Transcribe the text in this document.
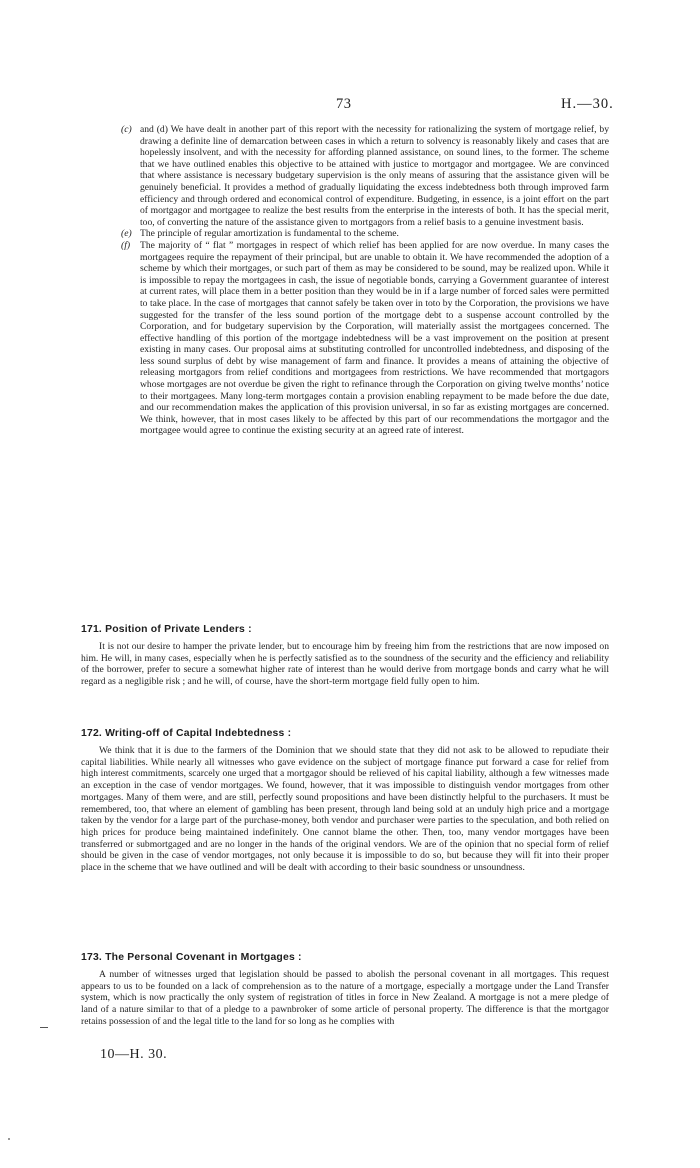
73	H.—30.
(c) and (d) We have dealt in another part of this report with the necessity for rationalizing the system of mortgage relief, by drawing a definite line of demarcation between cases in which a return to solvency is reasonably likely and cases that are hopelessly insolvent, and with the necessity for affording planned assistance, on sound lines, to the former. The scheme that we have outlined enables this objective to be attained with justice to mortgagor and mortgagee. We are convinced that where assistance is necessary budgetary supervision is the only means of assuring that the assistance given will be genuinely beneficial. It provides a method of gradually liquidating the excess indebtedness both through improved farm efficiency and through ordered and economical control of expenditure. Budgeting, in essence, is a joint effort on the part of mortgagor and mortgagee to realize the best results from the enterprise in the interests of both. It has the special merit, too, of converting the nature of the assistance given to mortgagors from a relief basis to a genuine investment basis.
(e) The principle of regular amortization is fundamental to the scheme.
(f)	The majority of “ flat ” mortgages in respect of which relief has been applied for are now overdue. In many cases the mortgagees require the repayment of their principal, but are unable to obtain it. We have recommended the adoption of a scheme by which their mortgages, or such part of them as may be considered to be sound, may be realized upon. While it is impossible to repay the mortgagees in cash, the issue of negotiable bonds, carrying a Government guarantee of interest at current rates, will place them in a better position than they would be in if a large number of forced sales were permitted to take place. In the case of mortgages that cannot safely be taken over in toto by the Corporation, the provisions we have suggested for the transfer of the less sound portion of the mortgage debt to a suspense account controlled by the Corporation, and for budgetary supervision by the Corporation, will materially assist the mortgagees concerned. The effective handling of this portion of the mortgage indebtedness will be a vast improvement on the position at present existing in many cases. Our proposal aims at substituting controlled for uncontrolled indebtedness, and disposing of the less sound surplus of debt by wise management of farm and finance. It provides a means of attaining the objective of releasing mortgagors from relief conditions and mortgagees from restrictions. We have recommended that mortgagors whose mortgages are not overdue be given the right to refinance through the Corporation on giving twelve months’ notice to their mortgagees. Many long-term mortgages contain a provision enabling repayment to be made before the due date, and our recommendation makes the application of this provision universal, in so far as existing mortgages are concerned. We think, however, that in most cases likely to be affected by this part of our recommendations the mortgagor and the mortgagee would agree to continue the existing security at an agreed rate of interest.
171. Position of Private Lenders :

It is not our desire to hamper the private lender, but to encourage him by freeing him from the restrictions that are now imposed on him. He will, in many cases, especially when he is perfectly satisfied as to the soundness of the security and the efficiency and reliability of the borrower, prefer to secure a somewhat higher rate of interest than he would derive from mortgage bonds and carry what he will regard as a negligible risk ; and he will, of course, have the short-term mortgage field fully open to him.

172. Writing-off of Capital Indebtedness :

We think that it is due to the farmers of the Dominion that we should state that they did not ask to be allowed to repudiate their capital liabilities. While nearly all witnesses who gave evidence on the subject of mortgage finance put forward a case for relief from high interest commitments, scarcely one urged that a mortgagor should be relieved of his capital liability, although a few witnesses made an exception in the case of vendor mortgages. We found, however, that it was impossible to distinguish vendor mortgages from other mortgages. Many of them were, and are still, perfectly sound propositions and have been distinctly helpful to the purchasers. It must be remembered, too, that where an element of gambling has been present, through land being sold at an unduly high price and a mortgage taken by the vendor for a large part of the purchase-money, both vendor and purchaser were parties to the speculation, and both relied on high prices for produce being maintained indefinitely. One cannot blame the other. Then, too, many vendor mortgages have been transferred or submortgaged and are no longer in the hands of the original vendors. We are of the opinion that no special form of relief should be given in the case of vendor mortgages, not only because it is impossible to do so, but because they will fit into their proper place in the scheme that we have outlined and will be dealt with according to their basic soundness or unsoundness.

173. The Personal Covenant in Mortgages :

A number of witnesses urged that legislation should be passed to abolish the personal covenant in all mortgages. This request appears to us to be founded on a lack of comprehension as to the nature of a mortgage, especially a mortgage under the Land Transfer system, which is now practically the only system of registration of titles in force in New Zealand. A mortgage is not a mere pledge of land of a nature similar to that of a pledge to a pawnbroker of some article of personal property. The difference is that the mortgagor retains possession of and the legal title to the land for so long as he complies with

10—H. 30.
